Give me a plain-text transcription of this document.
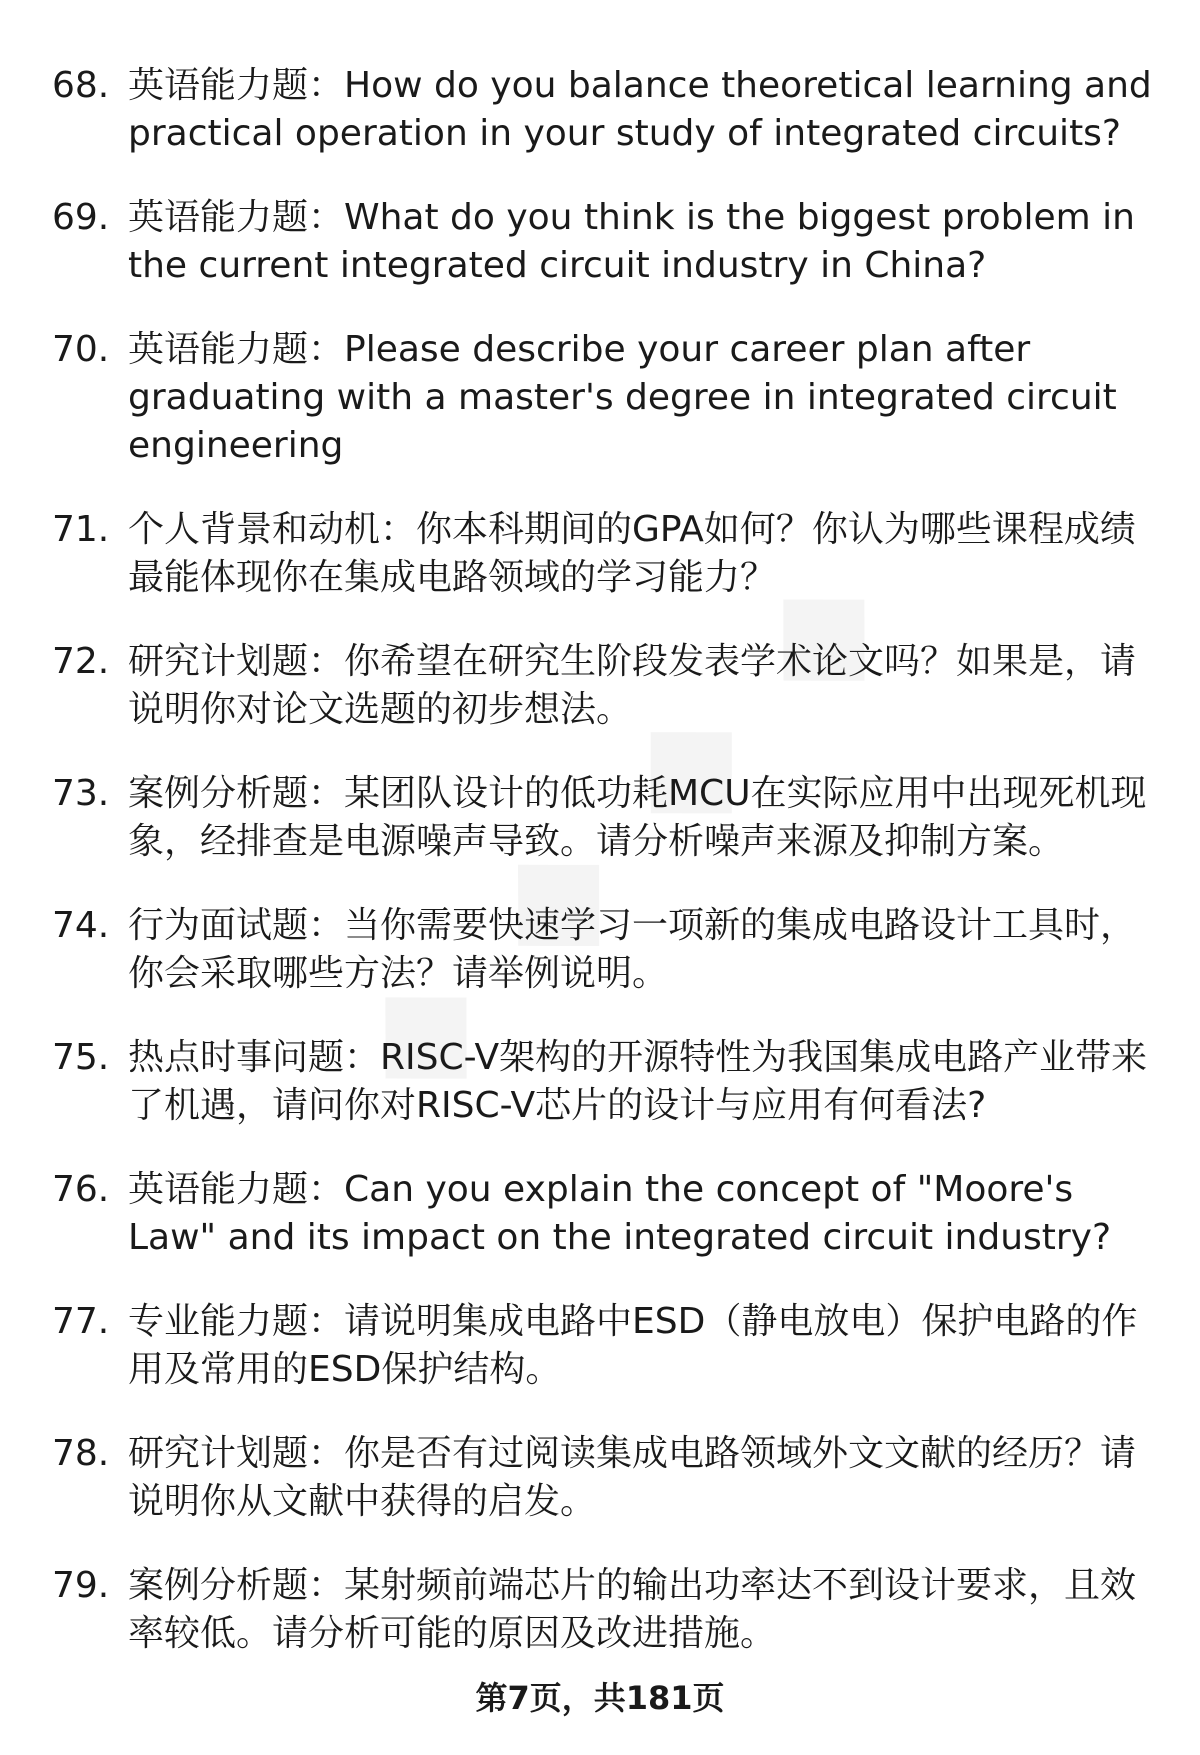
68. 英语能力题：How do you balance theoretical learning and practical operation in your study of integrated circuits?
69. 英语能力题：What do you think is the biggest problem in the current integrated circuit industry in China?
70. 英语能力题：Please describe your career plan after graduating with a master's degree in integrated circuit engineering
71. 个人背景和动机：你本科期间的GPA如何？你认为哪些课程成绩最能体现你在集成电路领域的学习能力？
72. 研究计划题：你希望在研究生阶段发表学术论文吗？如果是，请说明你对论文选题的初步想法。
73. 案例分析题：某团队设计的低功耗MCU在实际应用中出现死机现象，经排查是电源噪声导致。请分析噪声来源及抑制方案。
74. 行为面试题：当你需要快速学习一项新的集成电路设计工具时，你会采取哪些方法？请举例说明。
75. 热点时事问题：RISC-V架构的开源特性为我国集成电路产业带来了机遇，请问你对RISC-V芯片的设计与应用有何看法?
76. 英语能力题：Can you explain the concept of "Moore's Law" and its impact on the integrated circuit industry?
77. 专业能力题：请说明集成电路中ESD（静电放电）保护电路的作用及常用的ESD保护结构。
78. 研究计划题：你是否有过阅读集成电路领域外文文献的经历？请说明你从文献中获得的启发。
79. 案例分析题：某射频前端芯片的输出功率达不到设计要求，且效率较低。请分析可能的原因及改进措施。
第7页，共181页
